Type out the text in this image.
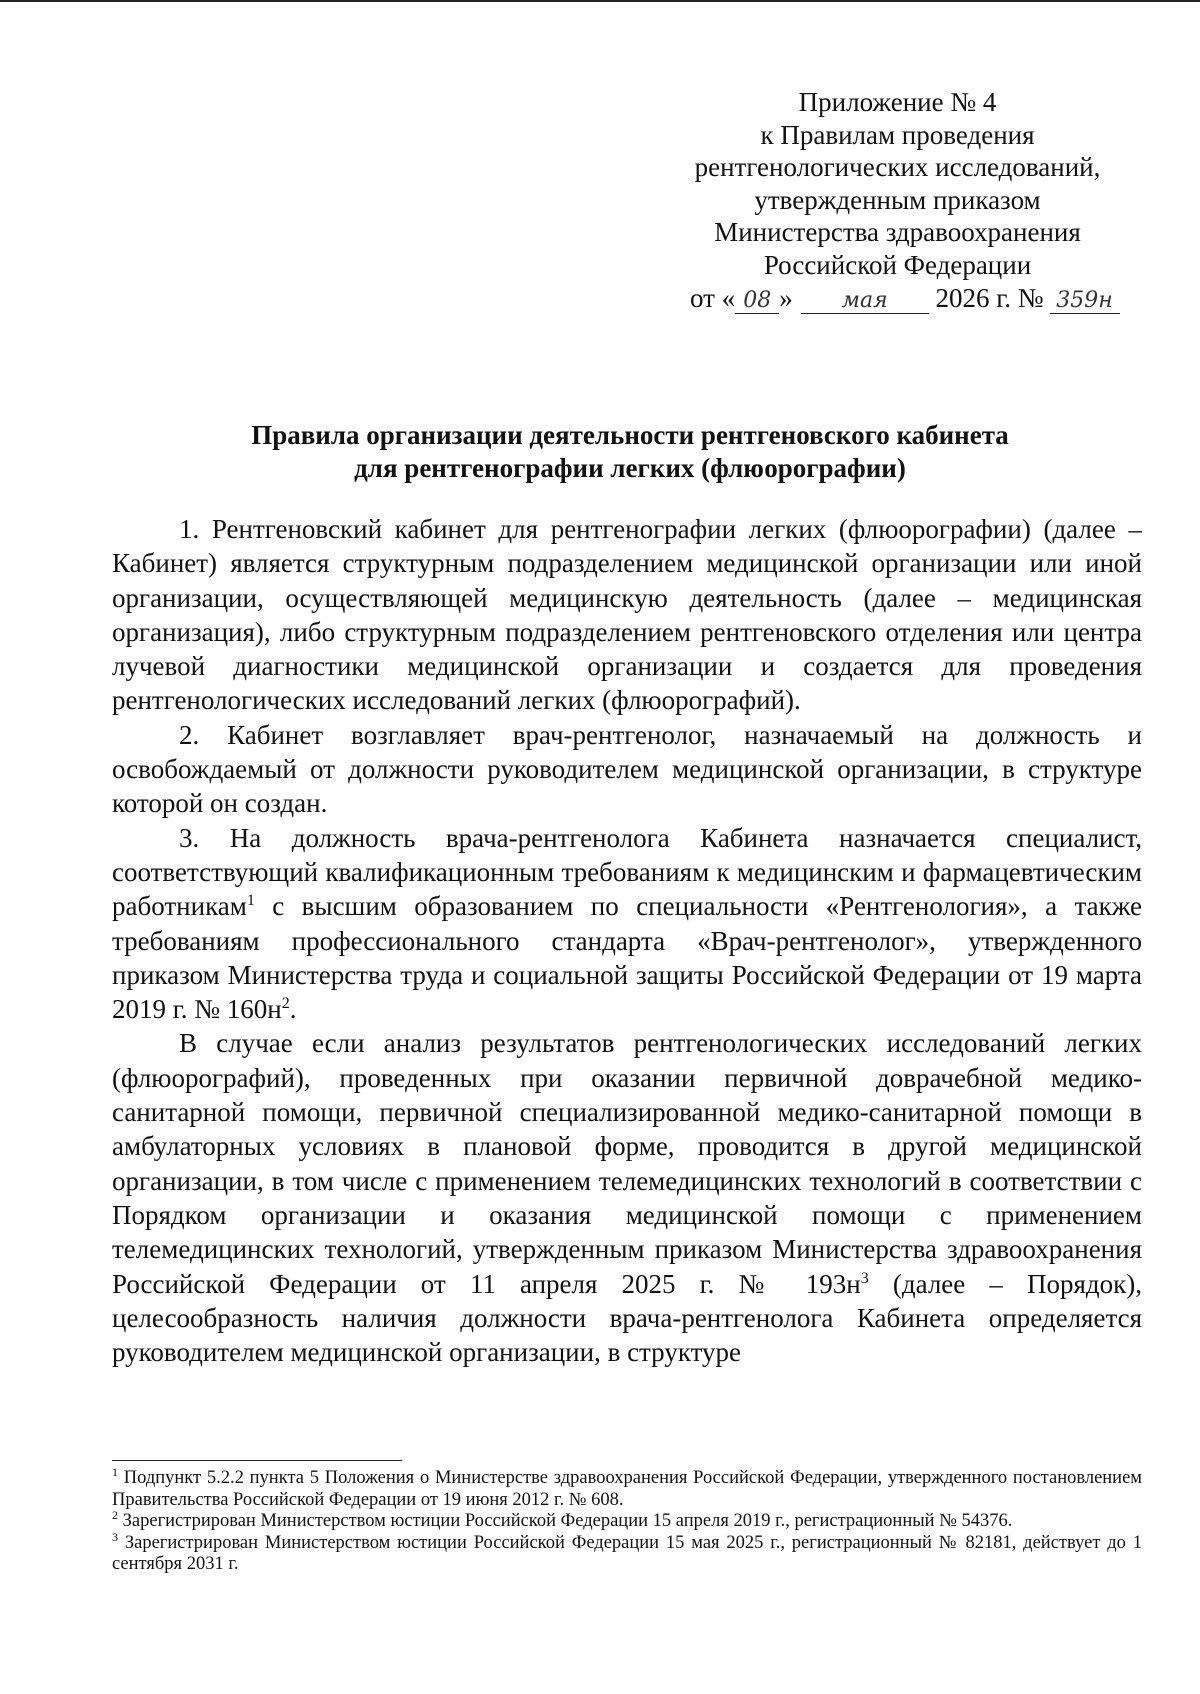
Приложение № 4
к Правилам проведения
рентгенологических исследований,
утвержденным приказом
Министерства здравоохранения
Российской Федерации
от « 08 » мая 2026 г. № 359н
Правила организации деятельности рентгеновского кабинета
для рентгенографии легких (флюорографии)

1. Рентгеновский кабинет для рентгенографии легких (флюорографии) (далее – Кабинет) является структурным подразделением медицинской организации или иной организации, осуществляющей медицинскую деятельность (далее – медицинская организация), либо структурным подразделением рентгеновского отделения или центра лучевой диагностики медицинской организации и создается для проведения рентгенологических исследований легких (флюорографий).

2. Кабинет возглавляет врач-рентгенолог, назначаемый на должность и освобождаемый от должности руководителем медицинской организации, в структуре которой он создан.

3. На должность врача-рентгенолога Кабинета назначается специалист, соответствующий квалификационным требованиям к медицинским и фармацевтическим работникам$^1$ с высшим образованием по специальности «Рентгенология», а также требованиям профессионального стандарта «Врач-рентгенолог», утвержденного приказом Министерства труда и социальной защиты Российской Федерации от 19 марта 2019 г. № $160н^2$.

В случае если анализ результатов рентгенологических исследований легких (флюорографий), проведенных при оказании первичной доврачебной медико-санитарной помощи, первичной специализированной медико-санитарной помощи в амбулаторных условиях в плановой форме, проводится в другой медицинской организации, в том числе с применением телемедицинских технологий в соответствии с Порядком организации и оказания медицинской помощи с применением телемедицинских технологий, утвержденным приказом Министерства здравоохранения Российской Федерации от 11 апреля 2025 г. № $193н^3$ (далее – Порядок), целесообразность наличия должности врача-рентгенолога Кабинета определяется руководителем медицинской организации, в структуре

$^1$ Подпункт 5.2.2 пункта 5 Положения о Министерстве здравоохранения Российской Федерации, утвержденного постановлением Правительства Российской Федерации от 19 июня 2012 г. № 608.

$^2$ Зарегистрирован Министерством юстиции Российской Федерации 15 апреля 2019 г., регистрационный № 54376.

$^3$ Зарегистрирован Министерством юстиции Российской Федерации 15 мая 2025 г., регистрационный № 82181, действует до 1 сентября 2031 г.
